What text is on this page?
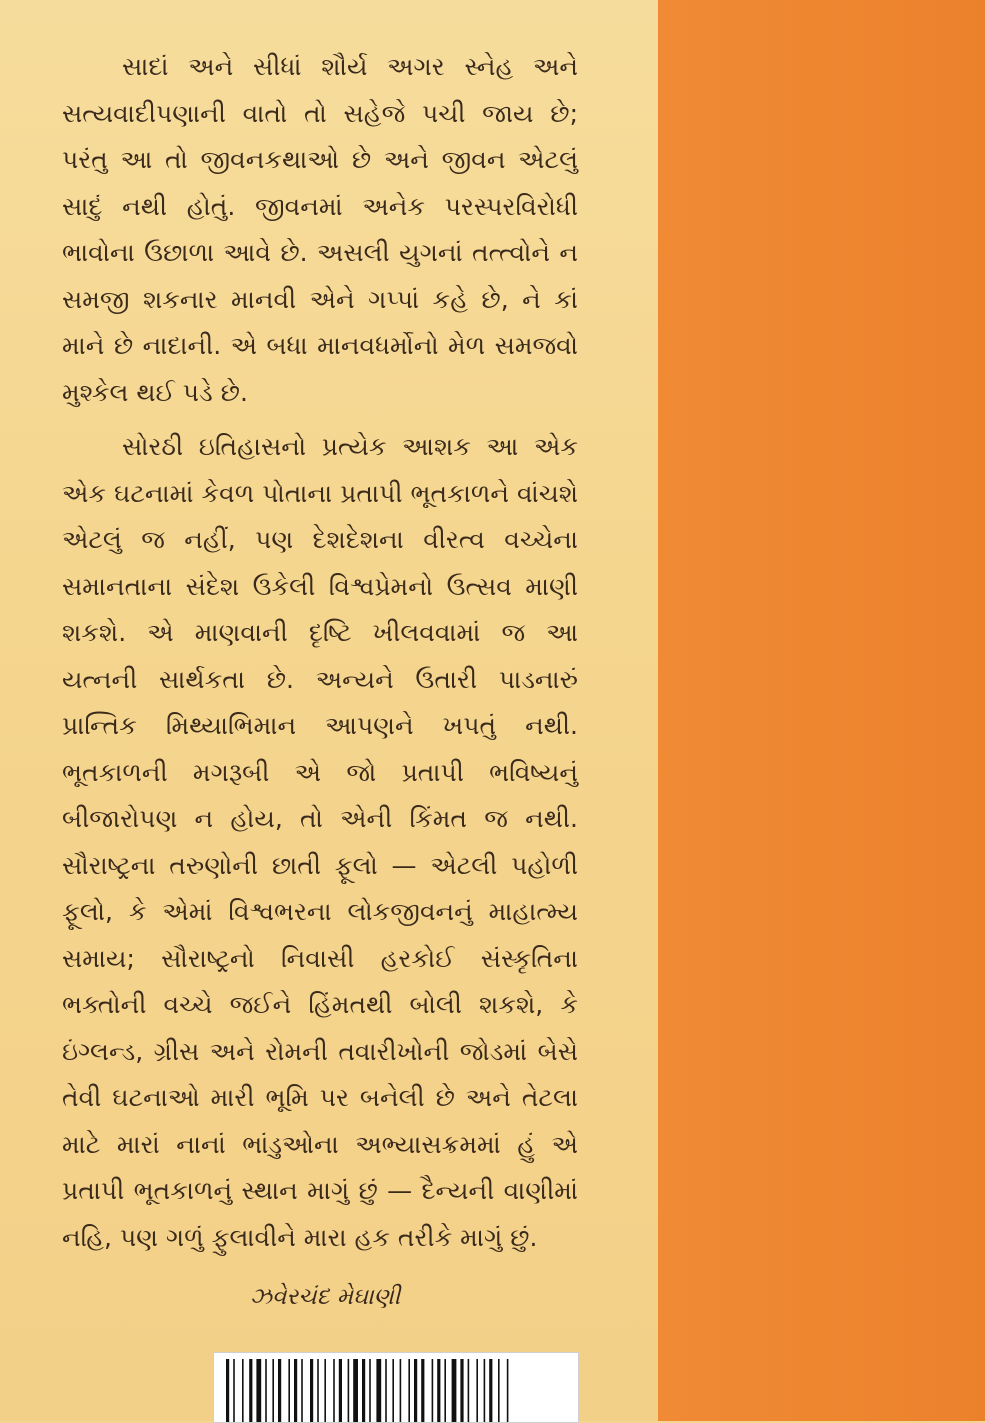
સાદાં અને સીધાં શૌર્ય અગર સ્નેહ અને સત્યવાદીપણાની વાતો તો સહેજે પચી જાય છે; પરંતુ આ તો જીવનકથાઓ છે અને જીવન એટલું સાદું નથી હોતું. જીવનમાં અનેક પરસ્પરવિરોધી ભાવોના ઉછાળા આવે છે. અસલી યુગનાં તત્ત્વોને ન સમજી શકનાર માનવી એને ગપ્પાં કહે છે, ને કાં માને છે નાદાની. એ બધા માનવધર્મોનો મેળ સમજવો મુશ્કેલ થઈ પડે છે.

સોરઠી ઇતિહાસનો પ્રત્યેક આશક આ એક એક ઘટનામાં કેવળ પોતાના પ્રતાપી ભૂતકાળને વાંચશે એટલું જ નહીં, પણ દેશદેશના વીરત્વ વચ્ચેના સમાનતાના સંદેશ ઉકેલી વિશ્વપ્રેમનો ઉત્સવ માણી શકશે. એ માણવાની દૃષ્ટિ ખીલવવામાં જ આ યત્નની સાર્થકતા છે. અન્યને ઉતારી પાડનારું પ્રાન્તિક મિથ્યાભિમાન આપણને ખપતું નથી. ભૂતકાળની મગરૂબી એ જો પ્રતાપી ભવિષ્યનું બીજારોપણ ન હોય, તો એની કિંમત જ નથી. સૌરાષ્ટ્રના તરુણોની છાતી ફૂલો — એટલી પહોળી ફૂલો, કે એમાં વિશ્વભરના લોકજીવનનું માહાત્મ્ય સમાય; સૌરાષ્ટ્રનો નિવાસી હરકોઈ સંસ્કૃતિના ભક્તોની વચ્ચે જઈને હિંમતથી બોલી શકશે, કે ઇંગ્લન્ડ, ગ્રીસ અને રોમની તવારીખોની જોડમાં બેસે તેવી ઘટનાઓ મારી ભૂમિ પર બનેલી છે અને તેટલા માટે મારાં નાનાં ભાંડુઓના અભ્યાસક્રમમાં હું એ પ્રતાપી ભૂતકાળનું સ્થાન માગું છું — દૈન્યની વાણીમાં નહિ, પણ ગળું ફુલાવીને મારા હક તરીકે માગું છું.

ઝવેરચંદ મેઘાણી
